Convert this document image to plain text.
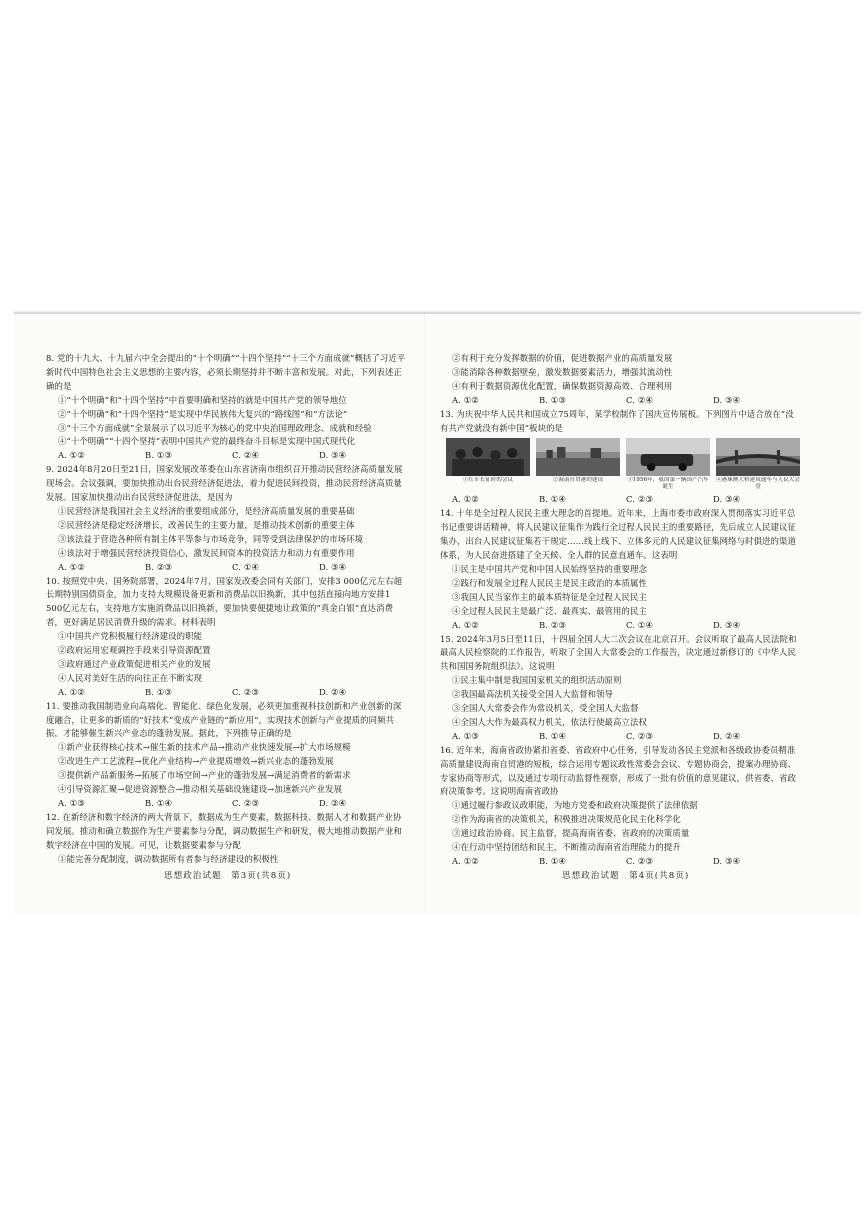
8. 党的十九大、十九届六中全会提出的“十个明确”“十四个坚持”“十三个方面成就”概括了习近平新时代中国特色社会主义思想的主要内容，必须长期坚持并不断丰富和发展。对此，下列表述正确的是
①“十个明确”和“十四个坚持”中首要明确和坚持的就是中国共产党的领导地位
②“十个明确”和“十四个坚持”是实现中华民族伟大复兴的“路线图”和“方法论”
③“十三个方面成就”全景展示了以习近平为核心的党中央治国理政理念、成就和经验
④“十个明确”“十四个坚持”表明中国共产党的最终奋斗目标是实现中国式现代化
A. ①②	B. ①③	C. ②④	D. ③④
9. 2024年8月20日至21日，国家发展改革委在山东省济南市组织召开推动民营经济高质量发展现场会。会议强调，要加快推动出台民营经济促进法，着力促进民间投资，推动民营经济高质量发展。国家加快推动出台民营经济促进法，是因为
①民营经济是我国社会主义经济的重要组成部分，是经济高质量发展的重要基础
②民营经济是稳定经济增长，改善民生的主要力量，是推动技术创新的重要主体
③该法益于营造各种所有制主体平等参与市场竞争，同等受到法律保护的市场环境
④该法对于增强民营经济投资信心，激发民间资本的投资活力和动力有重要作用
A. ①②	B. ②③	C. ①④	D. ③④
10. 按照党中央、国务院部署，2024年7月，国家发改委会同有关部门，安排3 000亿元左右超长期特别国债资金，加力支持大规模设备更新和消费品以旧换新，其中包括直接向地方安排1 500亿元左右，支持地方实施消费品以旧换新，要加快要便捷地让政策的“真金白银”直达消费者，更好满足居民消费升级的需求。材料表明
①中国共产党积极履行经济建设的职能
②政府运用宏观调控手段来引导资源配置
③政府通过产业政策促进相关产业的发展
④人民对美好生活的向往正在不断实现
A. ①②	B. ①③	C. ②③	D. ②④
11. 要推动我国制造业向高端化、智能化、绿色化发展，必须更加重视科技创新和产业创新的深度融合，让更多的新质的“好技术”变成产业链的“新应用”，实现技术创新与产业提质的同频共振，才能够催生新兴产业态的蓬勃发展。据此，下列推导正确的是
①新产业获得核心技术→催生新的技术产品→推动产业快速发展→扩大市场规模
②改进生产工艺流程→优化产业结构→产业提质增效→新兴业态的蓬勃发展
③提供新产品新服务→拓展了市场空间→产业的蓬勃发展→满足消费者的新需求
④引导资源汇聚→促进资源整合→推动相关基础设施建设→加速新兴产业发展
A. ①③	B. ①④	C. ②③	D. ②④
12. 在新经济和数字经济的两大背景下，数据成为生产要素，数据科技、数据人才和数据产业协同发展。推动和确立数据作为生产要素参与分配，调动数据生产和研发，极大地推动数据产业和数字经济在中国的发展。可见，让数据要素参与分配
①能完善分配制度，调动数据所有者参与经济建设的积极性
思想政治试题　第3页(共8页)
②有利于充分发挥数据的价值，促进数据产业的高质量发展
③能消除各种数据壁垒，激发数据要素活力，增强其流动性
④有利于数据资源优化配置，确保数据资源高效、合理利用
A. ①②	B. ①③	C. ②④	D. ③④
13. 为庆祝中华人民共和国成立75周年，某学校制作了国庆宣传展板。下列图片中适合放在“没有共产党就没有新中国”板块的是
①红军长征时的会议	②海南自贸港的建设	③1956年，我国第一辆国产汽车诞生
④港珠澳大桥建成通车与人民大会堂
A. ①②	B. ①④	C. ②③	D. ③④
14. 十年是全过程人民民主重大理念的首提地。近年来，上海市委市政府深入贯彻落实习近平总书记重要讲话精神，将人民建议征集作为践行全过程人民民主的重要路径，先后成立人民建议征集办，出台人民建议征集若干规定……线上线下、立体多元的人民建议征集网络与时俱进的渠道体系，为人民奋进搭建了全天候、全人群的民意直通车。这表明
①民主是中国共产党和中国人民始终坚持的重要理念
②践行和发展全过程人民民主是民主政治的本质属性
③我国人民当家作主的最本质特征是全过程人民民主
④全过程人民民主是最广泛、最真实、最管用的民主
A. ①②	B. ②③	C. ①④	D. ③④
15. 2024年3月5日至11日，十四届全国人大二次会议在北京召开。会议听取了最高人民法院和最高人民检察院的工作报告，听取了全国人大常委会的工作报告，决定通过新修订的《中华人民共和国国务院组织法》。这说明
①民主集中制是我国国家机关的组织活动原则
②我国最高法机关接受全国人大监督和领导
③全国人大常委会作为常设机关，受全国人大监督
④全国人大作为最高权力机关，依法行使最高立法权
A. ①③	B. ①④	C. ②③	D. ②④
16. 近年来，海南省政协紧扣省委、省政府中心任务，引导发动各民主党派和各级政协委员精准高质量建设海南自贸港的短板，综合运用专题议政性常委会会议、专题协商会，提案办理协商、专家协商等形式，以及通过专项行动监督性视察，形成了一批有价值的意见建议，供省委、省政府决策参考。这说明海南省政协
①通过履行参政议政职能，为地方党委和政府决策提供了法律依据
②作为海南省的决策机关，积极推进决策规范化民主化科学化
③通过政治协商、民主监督，提高海南省委、省政府的决策质量
④在行动中坚持团结和民主，不断推动海南省治理能力的提升
A. ①②	B. ①④	C. ②③	D. ③④
思想政治试题　第4页(共8页)
